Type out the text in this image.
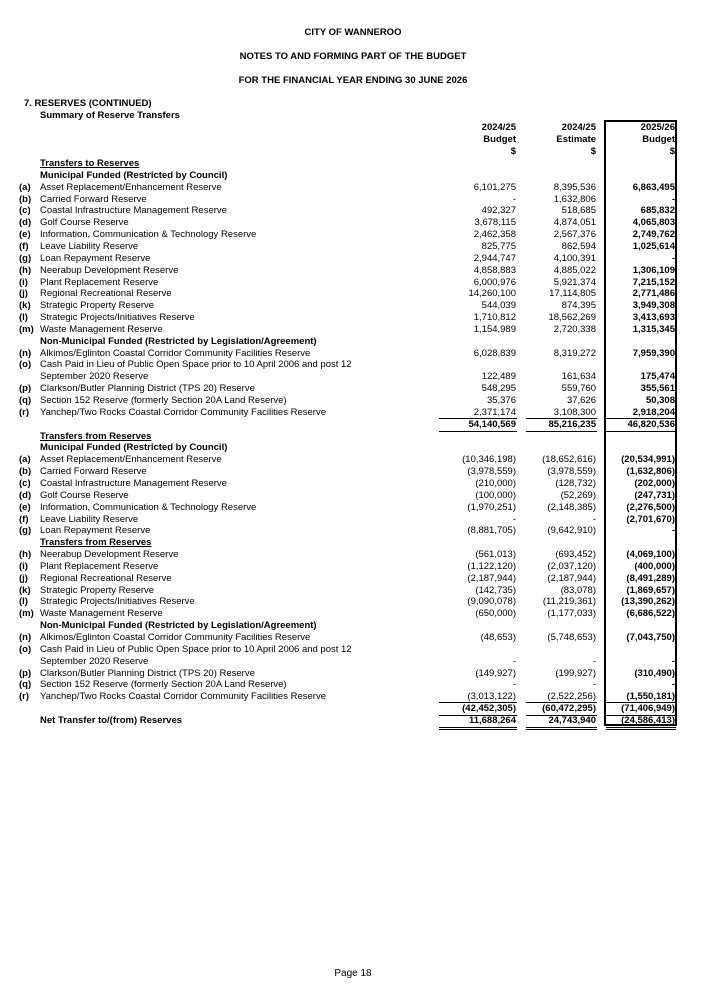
CITY OF WANNEROO
NOTES TO AND FORMING PART OF THE BUDGET
FOR THE FINANCIAL YEAR ENDING 30 JUNE 2026
7. RESERVES (CONTINUED)
Summary of Reserve Transfers
2024/25
Budget
$
2024/25
Estimate
$
2025/26
Budget
$
Transfers to Reserves
Municipal Funded (Restricted by Council)
(a) Asset Replacement/Enhancement Reserve	6,101,275	8,395,536	6,863,495
(b) Carried Forward Reserve	-	1,632,806	-
(c) Coastal Infrastructure Management Reserve	492,327	518,685	685,832
(d) Golf Course Reserve	3,678,115	4,874,051	4,065,803
(e) Information, Communication & Technology Reserve	2,462,358	2,567,376	2,749,762
(f) Leave Liability Reserve	825,775	862,594	1,025,614
(g) Loan Repayment Reserve	2,944,747	4,100,391	-
(h) Neerabup Development Reserve	4,858,883	4,885,022	1,306,109
(i) Plant Replacement Reserve	6,000,976	5,921,374	7,215,152
(j) Regional Recreational Reserve	14,260,100	17,114,805	2,771,486
(k) Strategic Property Reserve	544,039	874,395	3,949,308
(l) Strategic Projects/Initiatives Reserve	1,710,812	18,562,269	3,413,693
(m) Waste Management Reserve	1,154,989	2,720,338	1,315,345
Non-Municipal Funded (Restricted by Legislation/Agreement)
(n) Alkimos/Eglinton Coastal Corridor Community Facilities Reserve	6,028,839	8,319,272	7,959,390
(o) Cash Paid in Lieu of Public Open Space prior to 10 April 2006 and post 12
September 2020 Reserve	122,489	161,634	175,474
(p) Clarkson/Butler Planning District (TPS 20) Reserve	548,295	559,760	355,561
(q) Section 152 Reserve (formerly Section 20A Land Reserve)	35,376	37,626	50,308
(r) Yanchep/Two Rocks Coastal Corridor Community Facilities Reserve	2,371,174	3,108,300	2,918,204
54,140,569	85,216,235	46,820,536
Transfers from Reserves
Municipal Funded (Restricted by Council)
(a) Asset Replacement/Enhancement Reserve	(10,346,198)	(18,652,616)	(20,534,991)
(b) Carried Forward Reserve	(3,978,559)	(3,978,559)	(1,632,806)
(c) Coastal Infrastructure Management Reserve	(210,000)	(128,732)	(202,000)
(d) Golf Course Reserve	(100,000)	(52,269)	(247,731)
(e) Information, Communication & Technology Reserve	(1,970,251)	(2,148,385)	(2,276,500)
(f) Leave Liability Reserve	-	-	(2,701,670)
(g) Loan Repayment Reserve	(8,881,705)	(9,642,910)	-
Transfers from Reserves
(h) Neerabup Development Reserve	(561,013)	(693,452)	(4,069,100)
(i) Plant Replacement Reserve	(1,122,120)	(2,037,120)	(400,000)
(j) Regional Recreational Reserve	(2,187,944)	(2,187,944)	(8,491,289)
(k) Strategic Property Reserve	(142,735)	(83,078)	(1,869,657)
(l) Strategic Projects/Initiatives Reserve	(9,090,078)	(11,219,361)	(13,390,262)
(m) Waste Management Reserve	(650,000)	(1,177,033)	(6,686,522)
Non-Municipal Funded (Restricted by Legislation/Agreement)
(n) Alkimos/Eglinton Coastal Corridor Community Facilities Reserve	(48,653)	(5,748,653)	(7,043,750)
(o) Cash Paid in Lieu of Public Open Space prior to 10 April 2006 and post 12
September 2020 Reserve	-	-	-
(p) Clarkson/Butler Planning District (TPS 20) Reserve	(149,927)	(199,927)	(310,490)
(q) Section 152 Reserve (formerly Section 20A Land Reserve)	-	-	-
(r) Yanchep/Two Rocks Coastal Corridor Community Facilities Reserve	(3,013,122)	(2,522,256)	(1,550,181)
(42,452,305)	(60,472,295)	(71,406,949)
Net Transfer to/(from) Reserves	11,688,264	24,743,940	(24,586,413)
Page 18
